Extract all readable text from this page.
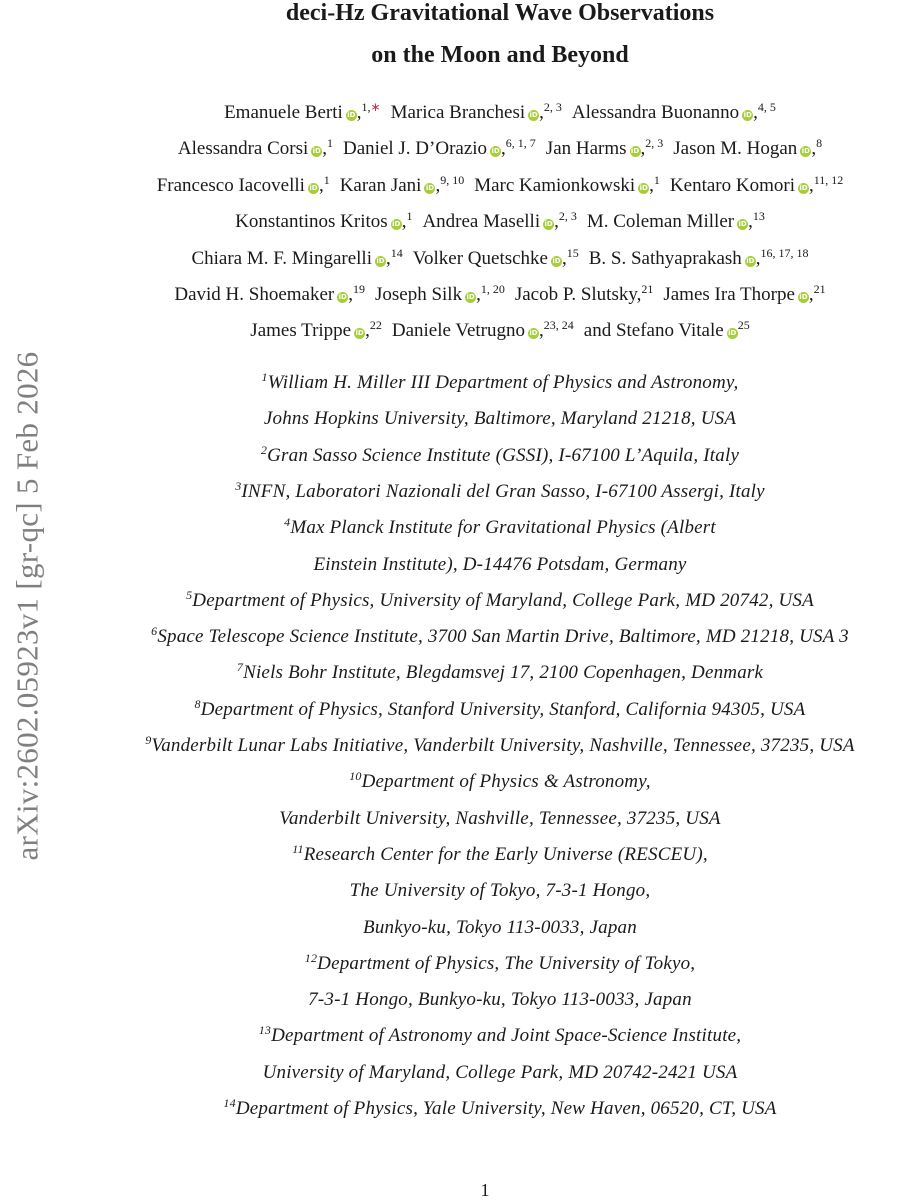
arXiv:2602.05923v1 [gr-qc] 5 Feb 2026
deci-Hz Gravitational Wave Observations
on the Moon and Beyond
Emanuele Berti iD,$^{1,∗}$ Marica Branchesi iD,$^{2, 3}$ Alessandra Buonanno iD,$^{4, 5}$
Alessandra Corsi iD,$^1$ Daniel J. D’Orazio iD,$^{6, 1, 7}$ Jan Harms iD,$^{2, 3}$ Jason M. Hogan iD,$^8$
Francesco Iacovelli iD,$^1$ Karan Jani iD,$^{9, 10}$ Marc Kamionkowski iD,$^1$ Kentaro Komori iD,$^{11, 12}$
Konstantinos Kritos iD,$^1$ Andrea Maselli iD,$^{2, 3}$ M. Coleman Miller iD,$^{13}$
Chiara M. F. Mingarelli iD,$^{14}$ Volker Quetschke iD,$^{15}$ B. S. Sathyaprakash iD,$^{16, 17, 18}$
David H. Shoemaker iD,$^{19}$ Joseph Silk iD,$^{1, 20}$ Jacob P. Slutsky,$^{21}$ James Ira Thorpe iD,$^{21}$
James Trippe iD,$^{22}$ Daniele Vetrugno iD,$^{23, 24}$ and Stefano Vitale $iD^{25}$
$^1$William H. Miller III Department of Physics and Astronomy,
Johns Hopkins University, Baltimore, Maryland 21218, USA
$^2$Gran Sasso Science Institute (GSSI), I-67100 L’Aquila, Italy
$^3$INFN, Laboratori Nazionali del Gran Sasso, I-67100 Assergi, Italy
$^4$Max Planck Institute for Gravitational Physics (Albert
Einstein Institute), D-14476 Potsdam, Germany
$^5$Department of Physics, University of Maryland, College Park, MD 20742, USA
$^6$Space Telescope Science Institute, 3700 San Martin Drive, Baltimore, MD 21218, USA 3
$^7$Niels Bohr Institute, Blegdamsvej 17, 2100 Copenhagen, Denmark
$^8$Department of Physics, Stanford University, Stanford, California 94305, USA
$^9$Vanderbilt Lunar Labs Initiative, Vanderbilt University, Nashville, Tennessee, 37235, USA
$^{10}$Department of Physics & Astronomy,
Vanderbilt University, Nashville, Tennessee, 37235, USA
$^{11}$Research Center for the Early Universe (RESCEU),
The University of Tokyo, 7-3-1 Hongo,
Bunkyo-ku, Tokyo 113-0033, Japan
$^{12}$Department of Physics, The University of Tokyo,
7-3-1 Hongo, Bunkyo-ku, Tokyo 113-0033, Japan
$^{13}$Department of Astronomy and Joint Space-Science Institute,
University of Maryland, College Park, MD 20742-2421 USA
$^{14}$Department of Physics, Yale University, New Haven, 06520, CT, USA
1
